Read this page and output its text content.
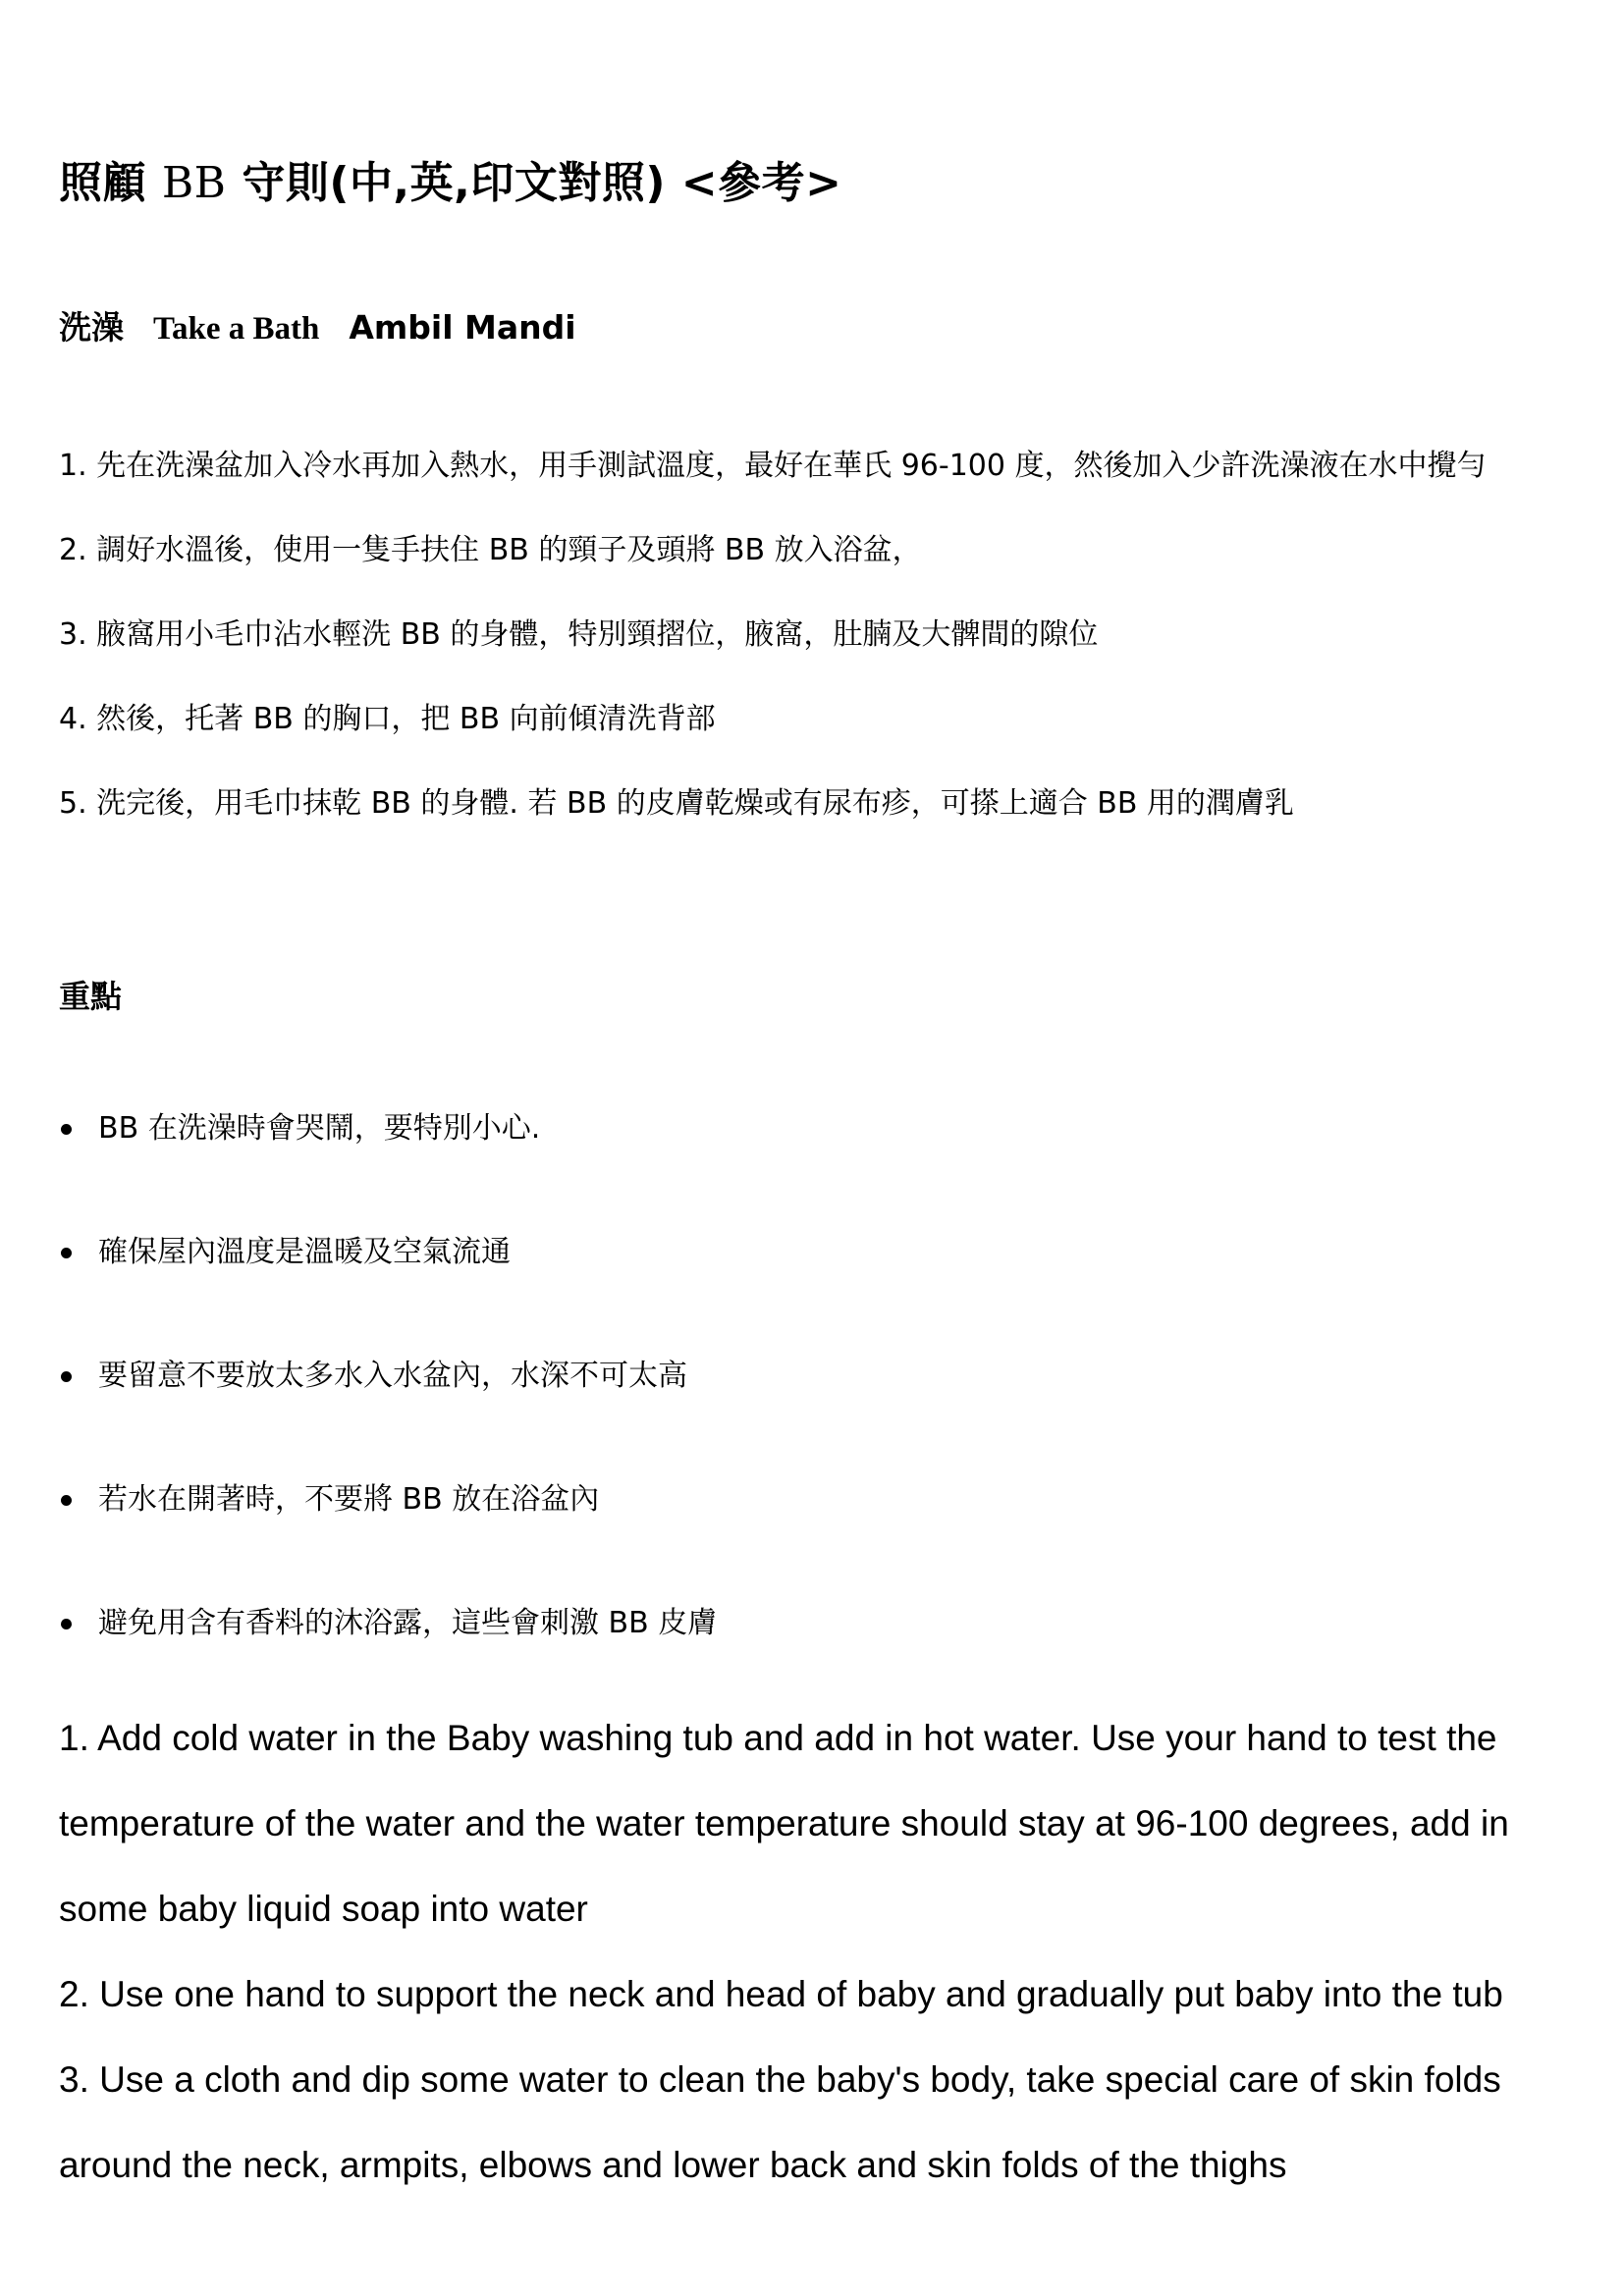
照顧 BB 守則(中,英,印文對照) <參考>
洗澡 Take a Bath Ambil Mandi

1. 先在洗澡盆加入冷水再加入熱水，用手測試溫度，最好在華氏 96-100 度，然後加入少許洗澡液在水中攪勻

2. 調好水溫後，使用一隻手扶住 BB 的頸子及頭將 BB 放入浴盆，

3. 腋窩用小毛巾沾水輕洗 BB 的身體，特別頸摺位，腋窩，肚腩及大髀間的隙位

4. 然後，托著 BB 的胸口，把 BB 向前傾清洗背部

5. 洗完後，用毛巾抹乾 BB 的身體. 若 BB 的皮膚乾燥或有尿布疹，可搽上適合 BB 用的潤膚乳

重點
BB 在洗澡時會哭鬧，要特別小心.
確保屋內溫度是溫暖及空氣流通
要留意不要放太多水入水盆內，水深不可太高
若水在開著時，不要將 BB 放在浴盆內
避免用含有香料的沐浴露，這些會刺激 BB 皮膚

1. Add cold water in the Baby washing tub and add in hot water. Use your hand to test the temperature of the water and the water temperature should stay at 96-100 degrees, add in some baby liquid soap into water

2. Use one hand to support the neck and head of baby and gradually put baby into the tub

3. Use a cloth and dip some water to clean the baby's body, take special care of skin folds around the neck, armpits, elbows and lower back and skin folds of the thighs
